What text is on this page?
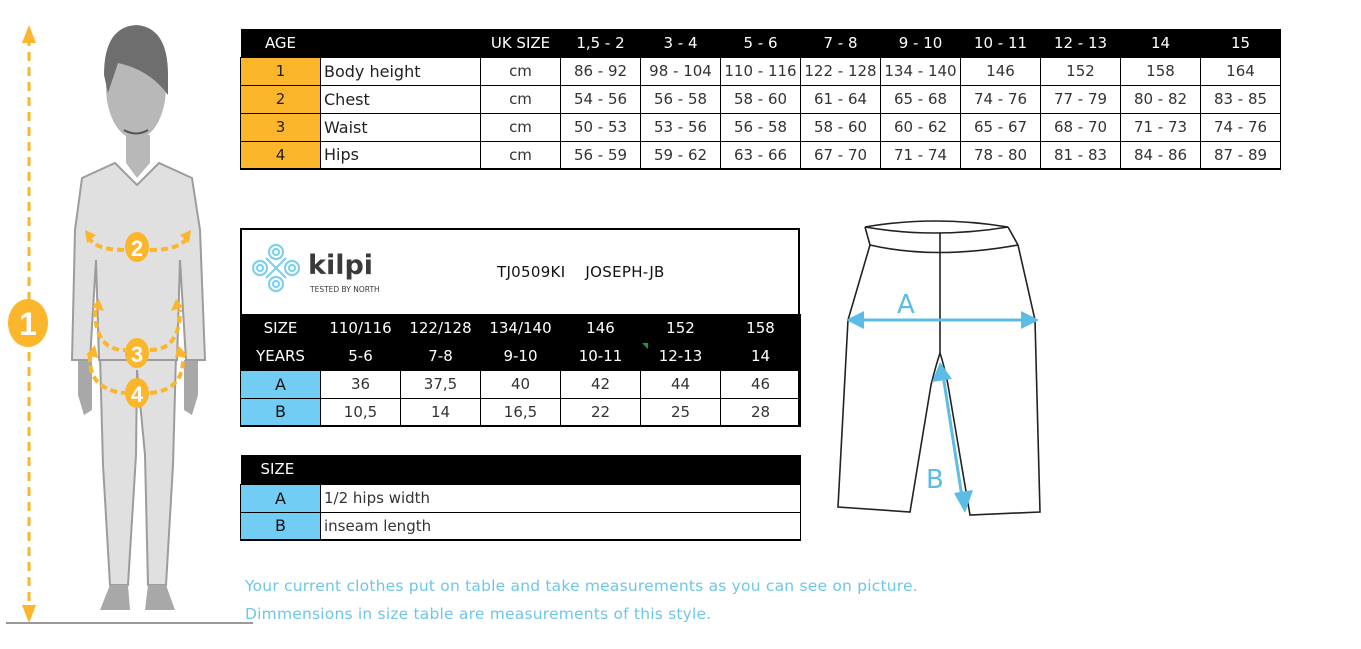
1
2
3
4
AGE		UK SIZE	1,5 - 2	3 - 4	5 - 6	7 - 8	9 - 10	10 - 11	12 - 13	14	15
1	Body height	cm	86 - 92	98 - 104	110 - 116	122 - 128	134 - 140	146	152	158	164
2	Chest	cm	54 - 56	56 - 58	58 - 60	61 - 64	65 - 68	74 - 76	77 - 79	80 - 82	83 - 85
3	Waist	cm	50 - 53	53 - 56	56 - 58	58 - 60	60 - 62	65 - 67	68 - 70	71 - 73	74 - 76
4	Hips	cm	56 - 59	59 - 62	63 - 66	67 - 70	71 - 74	78 - 80	81 - 83	84 - 86	87 - 89
kilpi
TESTED BY NORTH
TJ0509KI JOSEPH-JB
SIZE	110/116	122/128	134/140	146	152	158
YEARS	5-6	7-8	9-10	10-11	12-13	14
A	36	37,5	40	42	44	46
B	10,5	14	16,5	22	25	28
SIZE	
A	1/2 hips width
B	inseam length
A
B
Your current clothes put on table and take measurements as you can see on picture.
Dimmensions in size table are measurements of this style.
